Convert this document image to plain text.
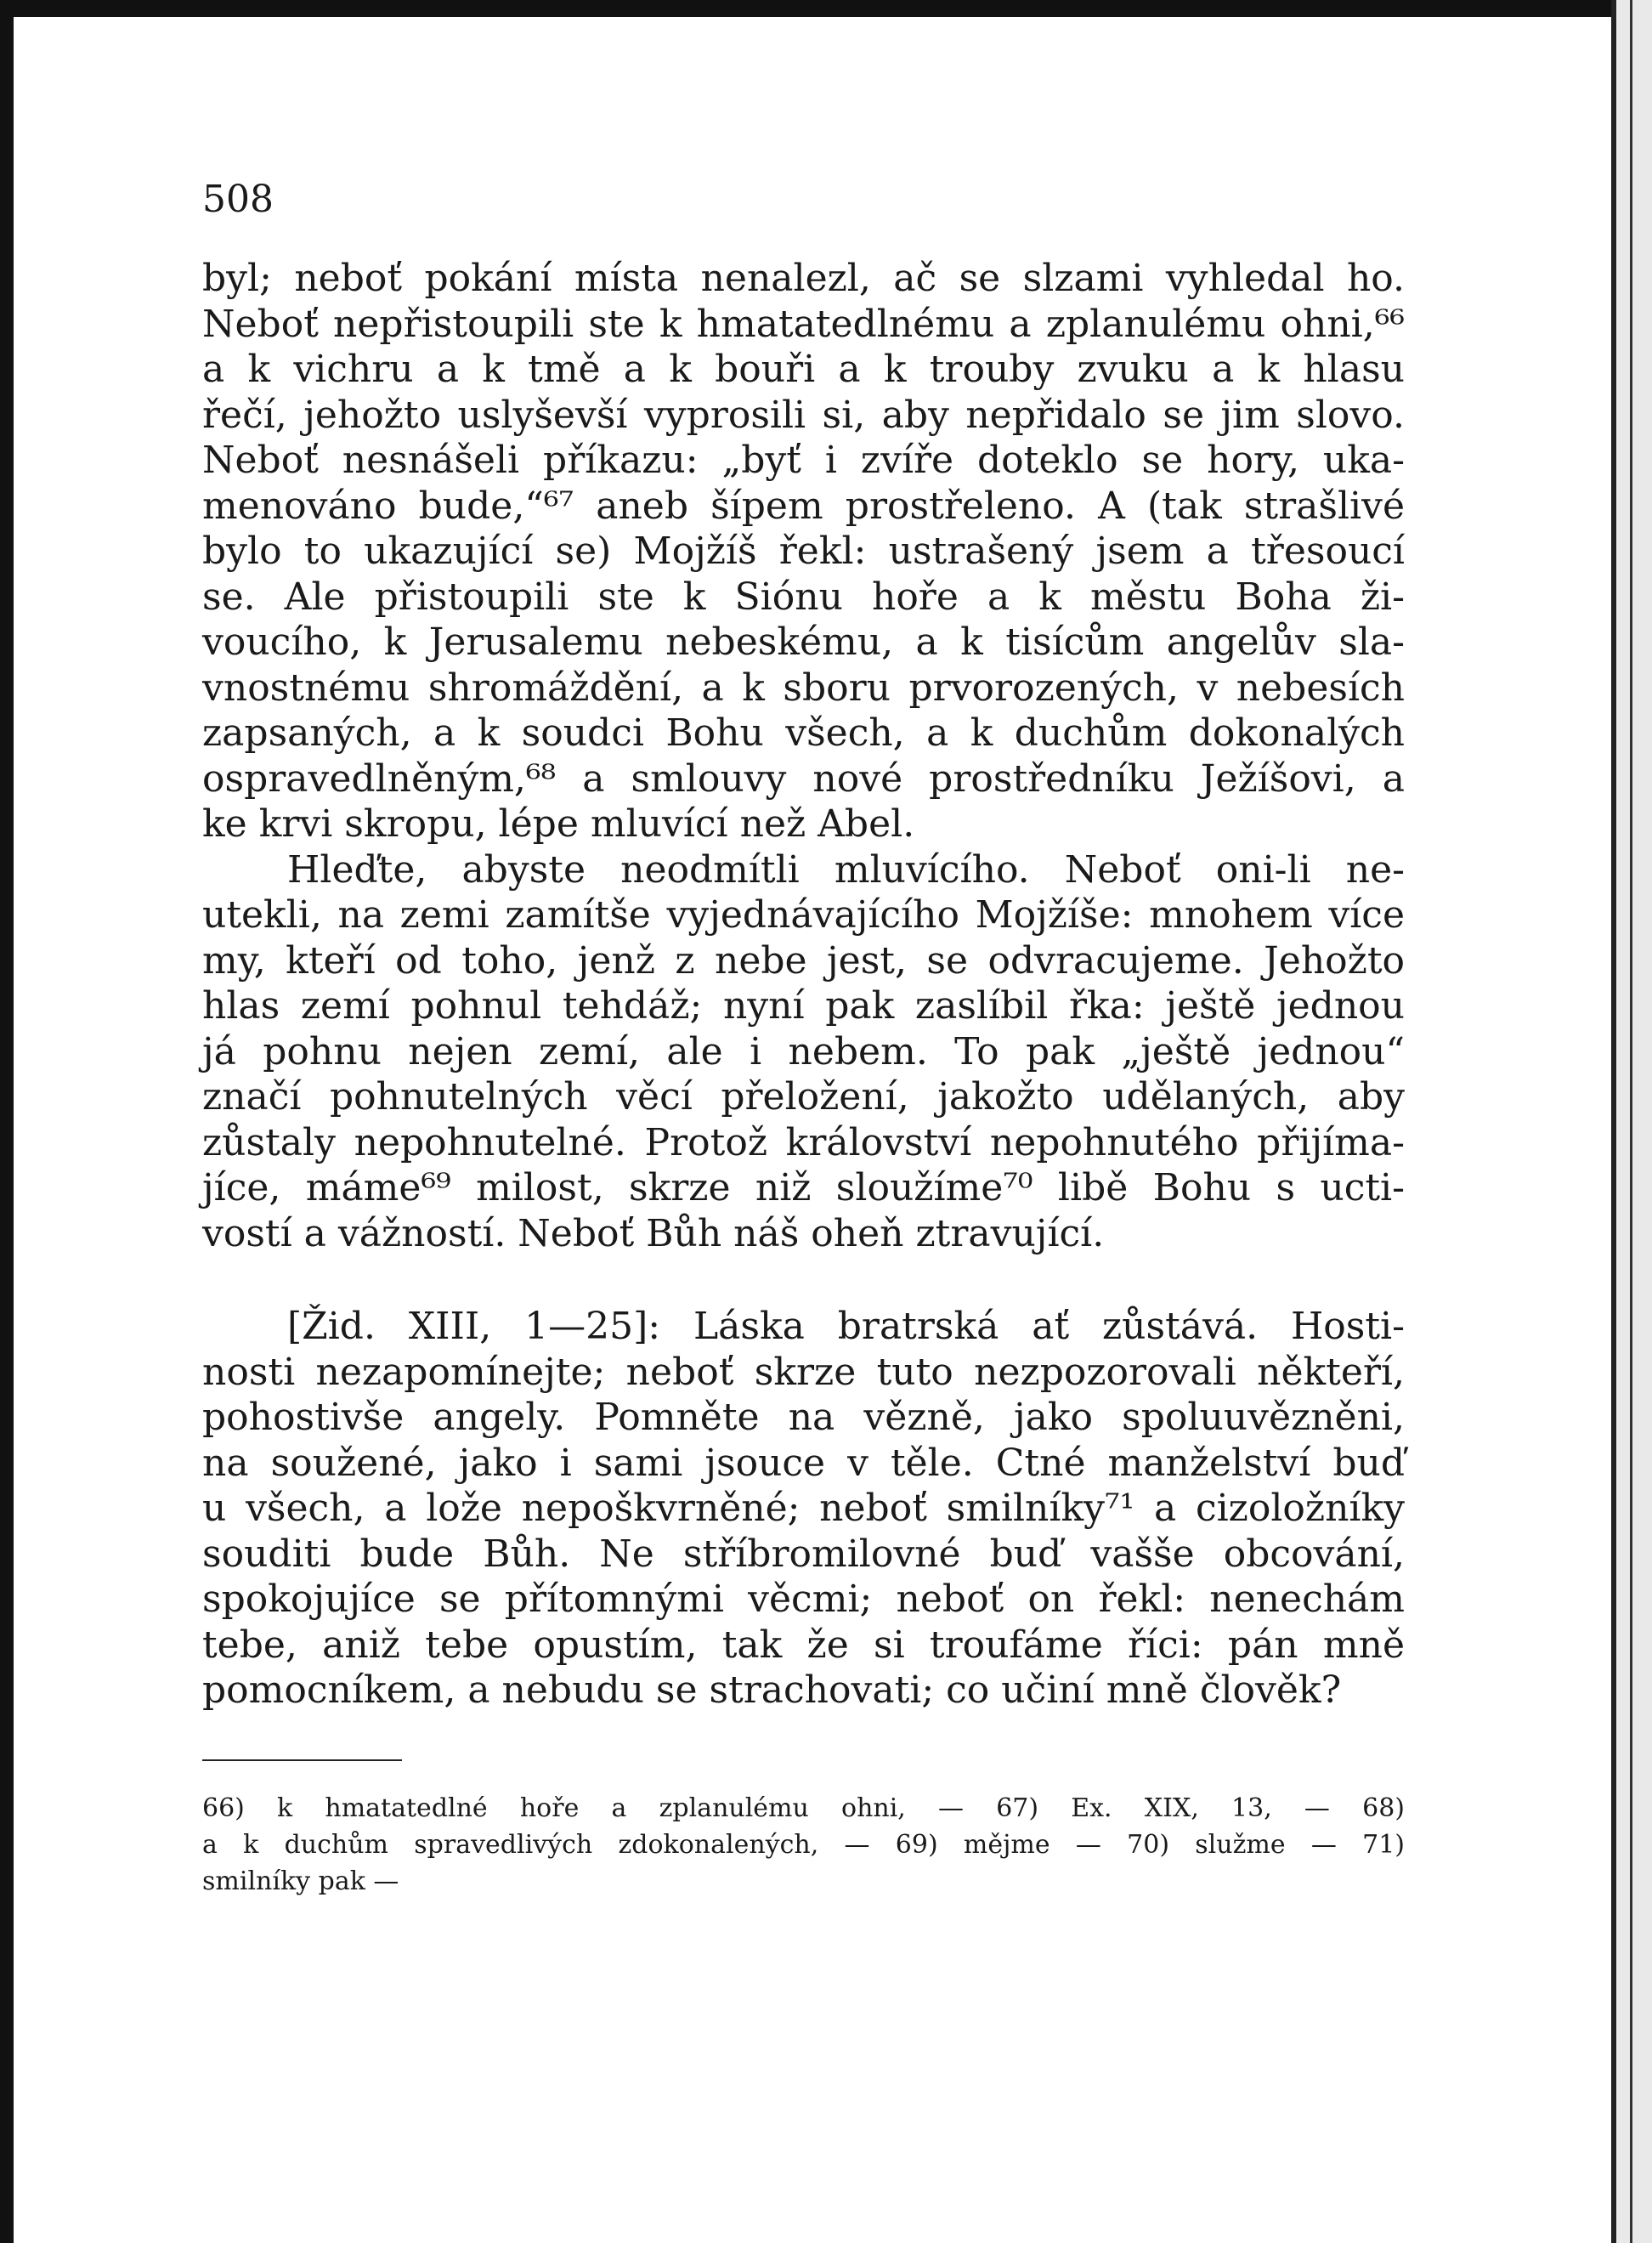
508
byl; neboť pokání místa nenalezl, ač se slzami vyhledal ho.
Neboť nepřistoupili ste k hmatatedlnému a zplanulému ohni,⁶⁶
a k vichru a k tmě a k bouři a k trouby zvuku a k hlasu
řečí, jehožto uslyševší vyprosili si, aby nepřidalo se jim slovo.
Neboť nesnášeli příkazu: „byť i zvíře doteklo se hory, uka-
menováno bude,“⁶⁷ aneb šípem prostřeleno. A (tak strašlivé
bylo to ukazující se) Mojžíš řekl: ustrašený jsem a třesoucí
se. Ale přistoupili ste k Siónu hoře a k městu Boha ži-
voucího, k Jerusalemu nebeskému, a k tisícům angelův sla-
vnostnému shromáždění, a k sboru prvorozených, v nebesích
zapsaných, a k soudci Bohu všech, a k duchům dokonalých
ospravedlněným,⁶⁸ a smlouvy nové prostředníku Ježíšovi, a
ke krvi skropu, lépe mluvící než Abel.
Hleďte, abyste neodmítli mluvícího. Neboť oni-li ne-
utekli, na zemi zamítše vyjednávajícího Mojžíše: mnohem více
my, kteří od toho, jenž z nebe jest, se odvracujeme. Jehožto
hlas zemí pohnul tehdáž; nyní pak zaslíbil řka: ještě jednou
já pohnu nejen zemí, ale i nebem. To pak „ještě jednou“
značí pohnutelných věcí přeložení, jakožto udělaných, aby
zůstaly nepohnutelné. Protož království nepohnutého přijíma-
jíce, máme⁶⁹ milost, skrze niž sloužíme⁷⁰ libě Bohu s ucti-
vostí a vážností. Neboť Bůh náš oheň ztravující.
[Žid. XIII, 1—25]: Láska bratrská ať zůstává. Hosti-
nosti nezapomínejte; neboť skrze tuto nezpozorovali někteří,
pohostivše angely. Pomněte na vězně, jako spoluuvězněni,
na soužené, jako i sami jsouce v těle. Ctné manželství buď
u všech, a lože nepoškvrněné; neboť smilníky⁷¹ a cizoložníky
souditi bude Bůh. Ne stříbromilovné buď vašše obcování,
spokojujíce se přítomnými věcmi; neboť on řekl: nenechám
tebe, aniž tebe opustím, tak že si troufáme říci: pán mně
pomocníkem, a nebudu se strachovati; co učiní mně člověk?
66) k hmatatedlné hoře a zplanulému ohni, — 67) Ex. XIX, 13, — 68)
a k duchům spravedlivých zdokonalených, — 69) mějme — 70) služme — 71)
smilníky pak —
